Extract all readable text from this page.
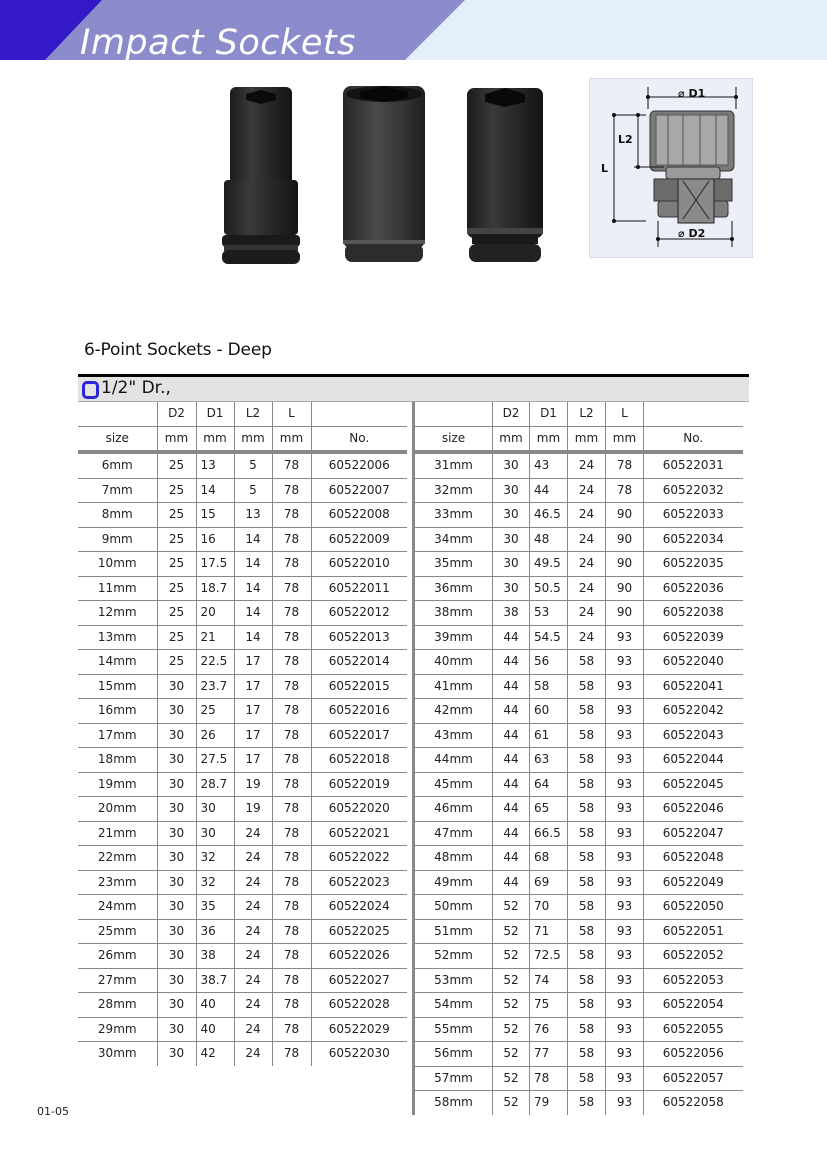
Impact Sockets
⌀ D1
L
L2
⌀ D2
6-Point Sockets - Deep
1/2" Dr.,
	D2	D1	L2	L	
size	mm	mm	mm	mm	No.
6mm	25	13	5	78	60522006
7mm	25	14	5	78	60522007
8mm	25	15	13	78	60522008
9mm	25	16	14	78	60522009
10mm	25	17.5	14	78	60522010
11mm	25	18.7	14	78	60522011
12mm	25	20	14	78	60522012
13mm	25	21	14	78	60522013
14mm	25	22.5	17	78	60522014
15mm	30	23.7	17	78	60522015
16mm	30	25	17	78	60522016
17mm	30	26	17	78	60522017
18mm	30	27.5	17	78	60522018
19mm	30	28.7	19	78	60522019
20mm	30	30	19	78	60522020
21mm	30	30	24	78	60522021
22mm	30	32	24	78	60522022
23mm	30	32	24	78	60522023
24mm	30	35	24	78	60522024
25mm	30	36	24	78	60522025
26mm	30	38	24	78	60522026
27mm	30	38.7	24	78	60522027
28mm	30	40	24	78	60522028
29mm	30	40	24	78	60522029
30mm	30	42	24	78	60522030
	D2	D1	L2	L	
size	mm	mm	mm	mm	No.
31mm	30	43	24	78	60522031
32mm	30	44	24	78	60522032
33mm	30	46.5	24	90	60522033
34mm	30	48	24	90	60522034
35mm	30	49.5	24	90	60522035
36mm	30	50.5	24	90	60522036
38mm	38	53	24	90	60522038
39mm	44	54.5	24	93	60522039
40mm	44	56	58	93	60522040
41mm	44	58	58	93	60522041
42mm	44	60	58	93	60522042
43mm	44	61	58	93	60522043
44mm	44	63	58	93	60522044
45mm	44	64	58	93	60522045
46mm	44	65	58	93	60522046
47mm	44	66.5	58	93	60522047
48mm	44	68	58	93	60522048
49mm	44	69	58	93	60522049
50mm	52	70	58	93	60522050
51mm	52	71	58	93	60522051
52mm	52	72.5	58	93	60522052
53mm	52	74	58	93	60522053
54mm	52	75	58	93	60522054
55mm	52	76	58	93	60522055
56mm	52	77	58	93	60522056
57mm	52	78	58	93	60522057
58mm	52	79	58	93	60522058
01-05
